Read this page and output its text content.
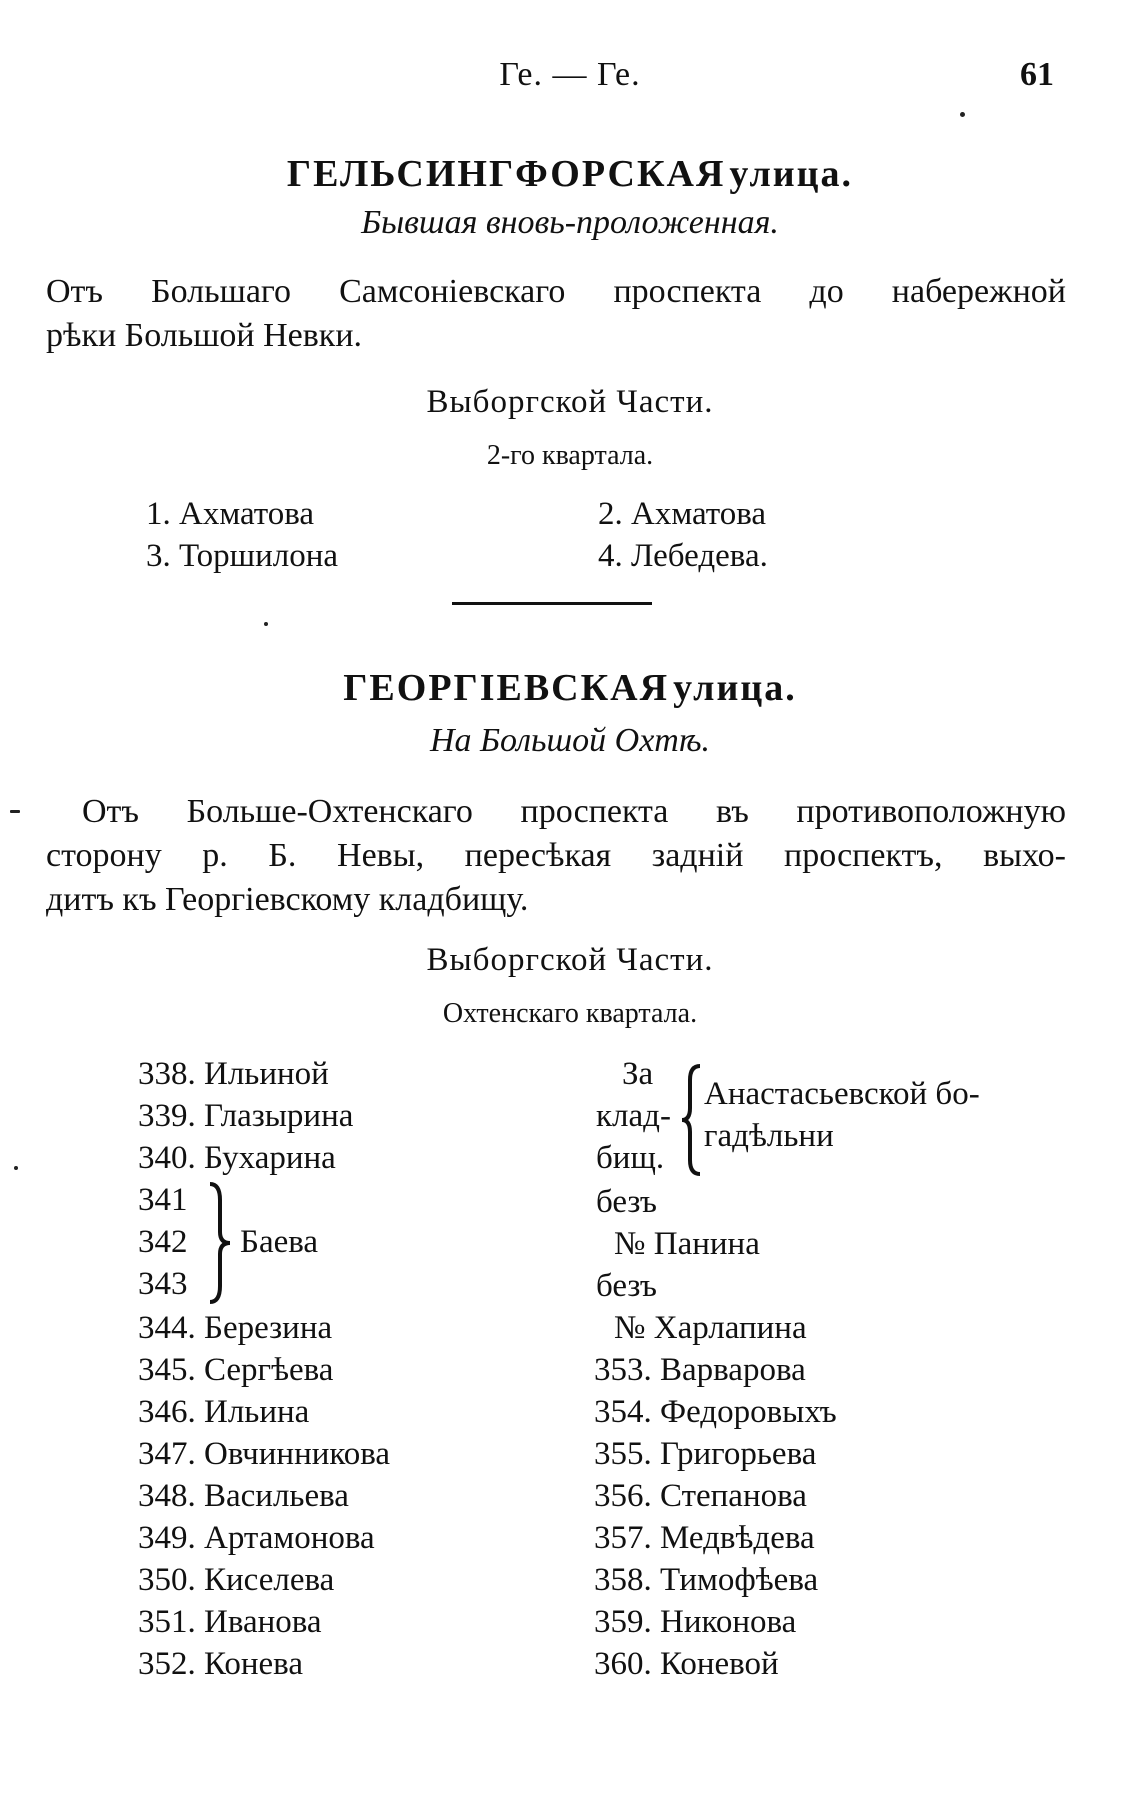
Ге. — Ге.	61
ГЕЛЬСИНГФОРСКАЯ улица.
Бывшая вновь-проложенная.
Отъ Большаго Самсоніевскаго проспекта до набережной
рѣки Большой Невки.
Выборгской Части.
2-го квартала.
1. Ахматова
3. Торшилона
2. Ахматова
4. Лебедева.
ГЕОРГІЕВСКАЯ улица.
На Большой Охтѣ.
Отъ Больше-Охтенскаго проспекта въ противоположную
сторону р. Б. Невы, пересѣкая заднiй проспектъ, выхо-
дитъ къ Георгіевскому кладбищу.
Выборгской Части.
Охтенскаго квартала.
338. Ильиной
339. Глазырина
340. Бухарина
341
342
343
Баева
344. Березина
345. Сергѣева
346. Ильина
347. Овчинникова
348. Васильева
349. Артамонова
350. Киселева
351. Иванова
352. Конева
За
клад-
бищ.
Анастасьевской бо-
гадѣльни
безъ
№ Панина
безъ
№ Харлапина
353. Варварова
354. Федоровыхъ
355. Григорьева
356. Степанова
357. Медвѣдева
358. Тимофѣева
359. Никонова
360. Коневой
